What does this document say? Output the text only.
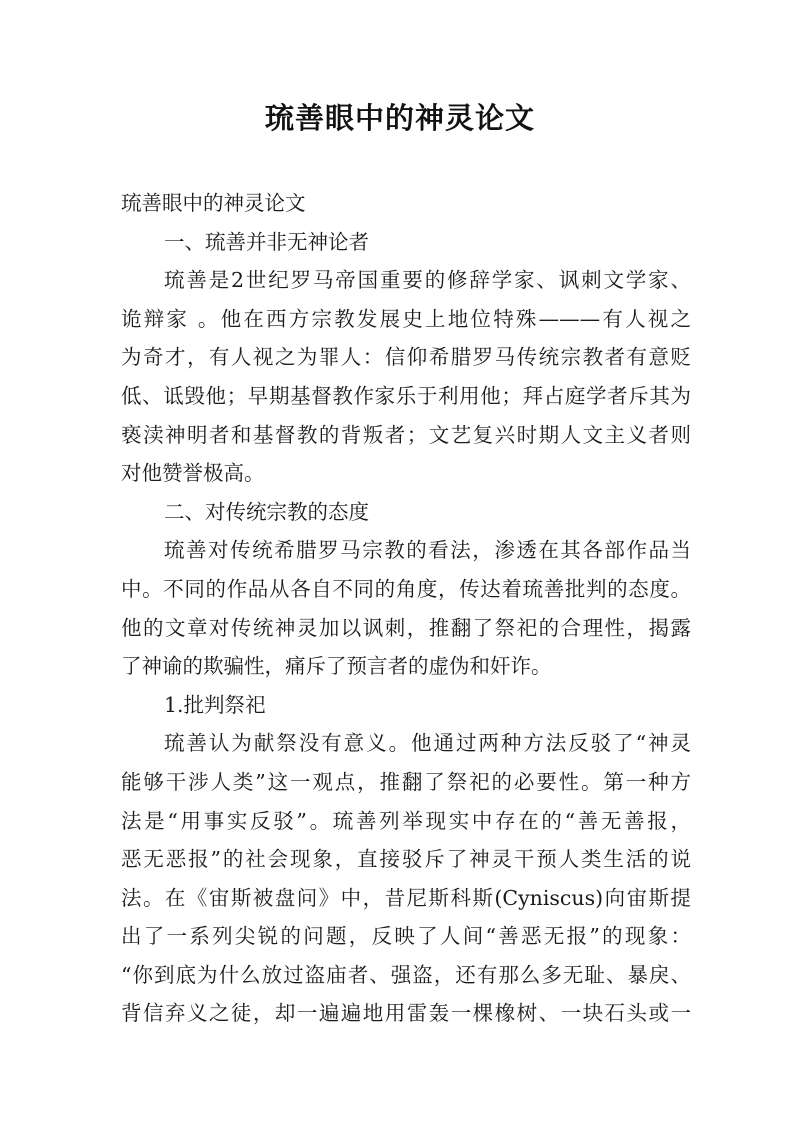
琉善眼中的神灵论文
琉善眼中的神灵论文
一、琉善并非无神论者
琉善是2世纪罗马帝国重要的修辞学家、讽刺文学家、
诡辩家 。他在西方宗教发展史上地位特殊———有人视之
为奇才，有人视之为罪人：信仰希腊罗马传统宗教者有意贬
低、诋毁他；早期基督教作家乐于利用他；拜占庭学者斥其为
亵渎神明者和基督教的背叛者；文艺复兴时期人文主义者则
对他赞誉极高。
二、对传统宗教的态度
琉善对传统希腊罗马宗教的看法，渗透在其各部作品当
中。不同的作品从各自不同的角度，传达着琉善批判的态度。
他的文章对传统神灵加以讽刺，推翻了祭祀的合理性，揭露
了神谕的欺骗性，痛斥了预言者的虚伪和奸诈。
1.批判祭祀
琉善认为献祭没有意义。他通过两种方法反驳了“神灵
能够干涉人类”这一观点，推翻了祭祀的必要性。第一种方
法是“用事实反驳”。琉善列举现实中存在的“善无善报，
恶无恶报”的社会现象，直接驳斥了神灵干预人类生活的说
法。在《宙斯被盘问》中，昔尼斯科斯(Cyniscus)向宙斯提
出了一系列尖锐的问题，反映了人间“善恶无报”的现象：
“你到底为什么放过盗庙者、强盗，还有那么多无耻、暴戾、
背信弃义之徒，却一遍遍地用雷轰一棵橡树、一块石头或一
